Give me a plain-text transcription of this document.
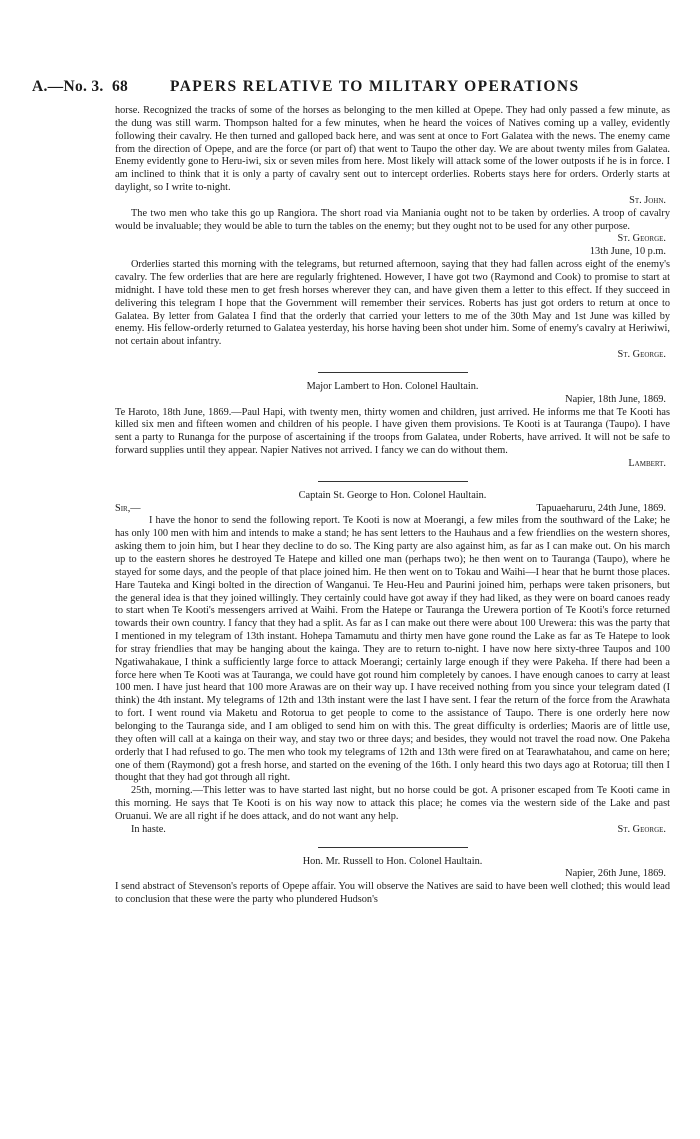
A.—No. 3. 68	PAPERS RELATIVE TO MILITARY OPERATIONS

horse. Recognized the tracks of some of the horses as belonging to the men killed at Opepe. They had only passed a few minute, as the dung was still warm. Thompson halted for a few minutes, when he heard the voices of Natives coming up a valley, evidently following their cavalry. He then turned and galloped back here, and was sent at once to Fort Galatea with the news. The enemy came from the direction of Opepe, and are the force (or part of) that went to Taupo the other day. We are about twenty miles from Galatea. Enemy evidently gone to Heru-iwi, six or seven miles from here. Most likely will attack some of the lower outposts if he is in force. I am inclined to think that it is only a party of cavalry sent out to intercept orderlies. Roberts stays here for orders. Orderly starts at daylight, so I write to-night.

St. John.

The two men who take this go up Rangiora. The short road via Maniania ought not to be taken by orderlies. A troop of cavalry would be invaluable; they would be able to turn the tables on the enemy; but they ought not to be used for any other purpose.

St. George.

13th June, 10 p.m.

Orderlies started this morning with the telegrams, but returned afternoon, saying that they had fallen across eight of the enemy's cavalry. The few orderlies that are here are regularly frightened. However, I have got two (Raymond and Cook) to promise to start at midnight. I have told these men to get fresh horses wherever they can, and have given them a letter to this effect. If they succeed in delivering this telegram I hope that the Government will remember their services. Roberts has just got orders to return at once to Galatea. By letter from Galatea I find that the orderly that carried your letters to me of the 30th May and 1st June was killed by enemy. His fellow-orderly returned to Galatea yesterday, his horse having been shot under him. Some of enemy's cavalry at Heriwiwi, not certain about infantry.

St. George.

Major Lambert to Hon. Colonel Haultain.

Napier, 18th June, 1869.

Te Haroto, 18th June, 1869.—Paul Hapi, with twenty men, thirty women and children, just arrived. He informs me that Te Kooti has killed six men and fifteen women and children of his people. I have given them provisions. Te Kooti is at Tauranga (Taupo). I have sent a party to Runanga for the purpose of ascertaining if the troops from Galatea, under Roberts, have arrived. It will not be safe to forward supplies until they appear. Napier Natives not arrived. I fancy we can do without them.

Lambert.

Captain St. George to Hon. Colonel Haultain.

Sir,—	Tapuaeharuru, 24th June, 1869.

I have the honor to send the following report. Te Kooti is now at Moerangi, a few miles from the southward of the Lake; he has only 100 men with him and intends to make a stand; he has sent letters to the Hauhaus and a few friendlies on the western shores, asking them to join him, but I hear they decline to do so. The King party are also against him, as far as I can make out. On his march up to the eastern shores he destroyed Te Hatepe and killed one man (perhaps two); he then went on to Tauranga (Taupo), where he stayed for some days, and the people of that place joined him. He then went on to Tokau and Waihi—I hear that he burnt those places. Hare Tauteka and Kingi bolted in the direction of Wanganui. Te Heu-Heu and Paurini joined him, perhaps were taken prisoners, but the general idea is that they joined willingly. They certainly could have got away if they had liked, as they were on board canoes ready to start when Te Kooti's messengers arrived at Waihi. From the Hatepe or Tauranga the Urewera portion of Te Kooti's force returned towards their own country. I fancy that they had a split. As far as I can make out there were about 100 Urewera: this was the party that I mentioned in my telegram of 13th instant. Hohepa Tamamutu and thirty men have gone round the Lake as far as Te Hatepe to look for stray friendlies that may be hanging about the kainga. They are to return to-night. I have now here sixty-three Taupos and 100 Ngatiwahakaue, I think a sufficiently large force to attack Moerangi; certainly large enough if they were Pakeha. If there had been a force here when Te Kooti was at Tauranga, we could have got round him completely by canoes. I have enough canoes to carry at least 100 men. I have just heard that 100 more Arawas are on their way up. I have received nothing from you since your telegram dated (I think) the 4th instant. My telegrams of 12th and 13th instant were the last I have sent. I fear the return of the force from the Arawhata to fort. I went round via Maketu and Rotorua to get people to come to the assistance of Taupo. There is one orderly here now belonging to the Tauranga side, and I am obliged to send him on with this. The great difficulty is orderlies; Maoris are of little use, they often will call at a kainga on their way, and stay two or three days; and besides, they would not travel the road now. One Pakeha orderly that I had refused to go. The men who took my telegrams of 12th and 13th were fired on at Tearawhatahou, and came on here; one of them (Raymond) got a fresh horse, and started on the evening of the 16th. I only heard this two days ago at Rotorua; till then I thought that they had got through all right.

25th, morning.—This letter was to have started last night, but no horse could be got. A prisoner escaped from Te Kooti came in this morning. He says that Te Kooti is on his way now to attack this place; he comes via the western side of the Lake and past Oruanui. We are all right if he does attack, and do not want any help.

In haste.	St. George.

Hon. Mr. Russell to Hon. Colonel Haultain.

Napier, 26th June, 1869.

I send abstract of Stevenson's reports of Opepe affair. You will observe the Natives are said to have been well clothed; this would lead to conclusion that these were the party who plundered Hudson's
